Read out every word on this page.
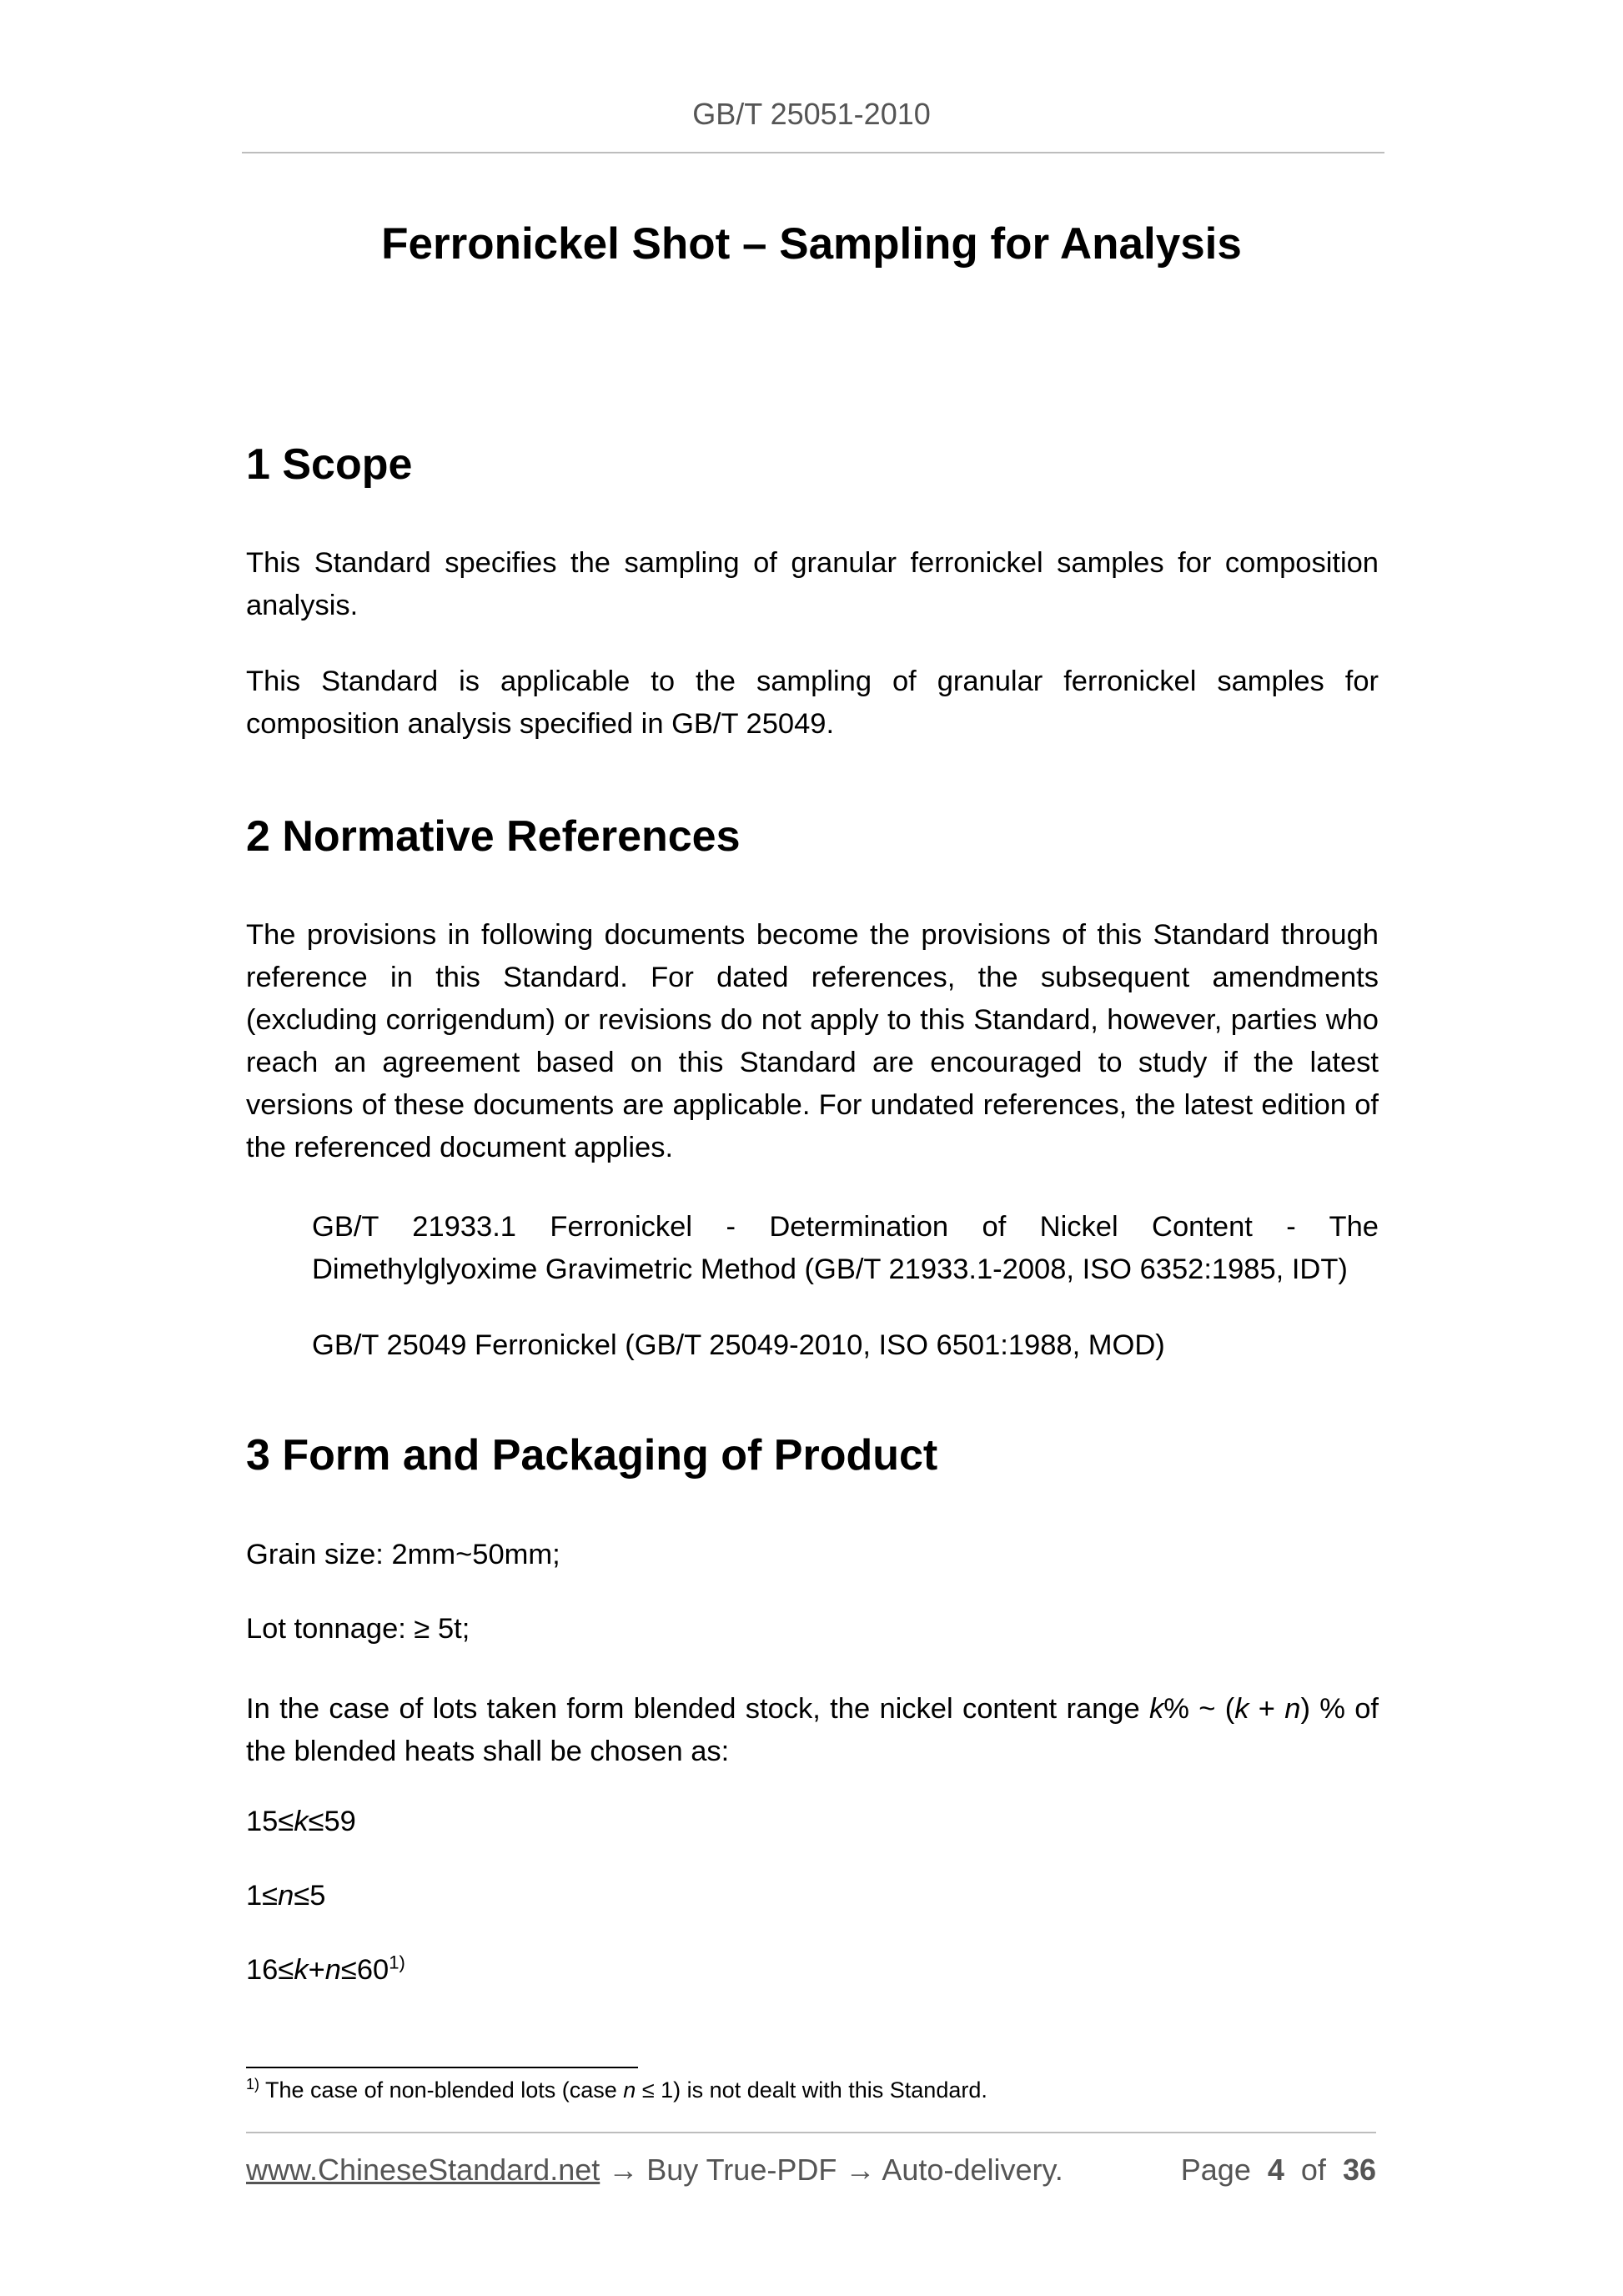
GB/T 25051-2010
Ferronickel Shot – Sampling for Analysis
1 Scope
This Standard specifies the sampling of granular ferronickel samples for composition analysis.
This Standard is applicable to the sampling of granular ferronickel samples for composition analysis specified in GB/T 25049.
2 Normative References
The provisions in following documents become the provisions of this Standard through reference in this Standard. For dated references, the subsequent amendments (excluding corrigendum) or revisions do not apply to this Standard, however, parties who reach an agreement based on this Standard are encouraged to study if the latest versions of these documents are applicable. For undated references, the latest edition of the referenced document applies.
GB/T 21933.1 Ferronickel - Determination of Nickel Content - The Dimethylglyoxime Gravimetric Method (GB/T 21933.1-2008, ISO 6352:1985, IDT)
GB/T 25049 Ferronickel (GB/T 25049-2010, ISO 6501:1988, MOD)
3 Form and Packaging of Product
Grain size: 2mm~50mm;
Lot tonnage: ≥ 5t;
In the case of lots taken form blended stock, the nickel content range k% ~ (k + n) % of the blended heats shall be chosen as:
15≤k≤59
1≤n≤5
$16\le k+n\le 60^{1)}$
$^{1)}$ The case of non-blended lots (case n ≤ 1) is not dealt with this Standard.
www.ChineseStandard.net → Buy True-PDF → Auto-delivery.	Page 4 of 36
